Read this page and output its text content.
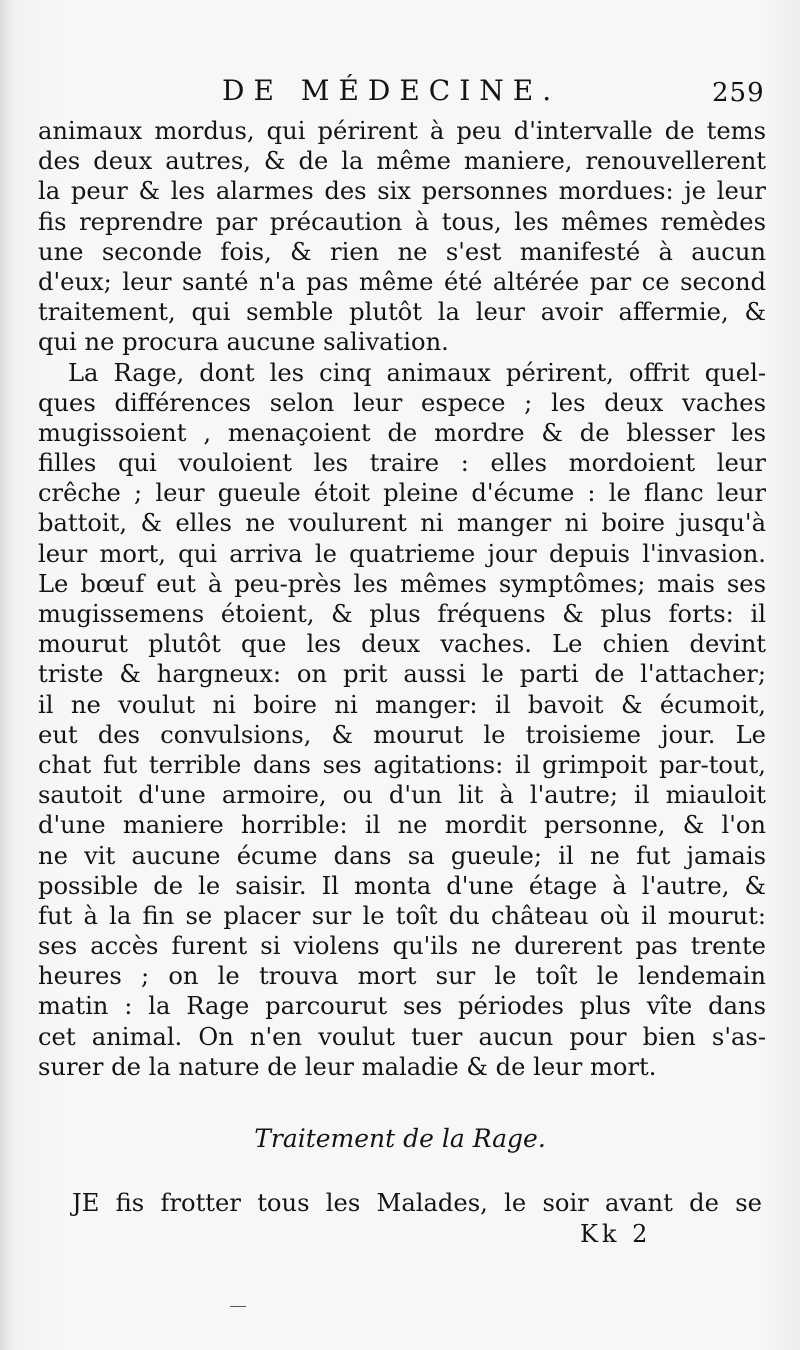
DE MÉDECINE.	259
animaux mordus, qui périrent à peu d'intervalle de tems
des deux autres, & de la même maniere, renouvellerent
la peur & les alarmes des six personnes mordues: je leur
fis reprendre par précaution à tous, les mêmes remèdes
une seconde fois, & rien ne s'est manifesté à aucun
d'eux; leur santé n'a pas même été altérée par ce second
traitement, qui semble plutôt la leur avoir affermie, &
qui ne procura aucune salivation.
La Rage, dont les cinq animaux périrent, offrit quel-
ques différences selon leur espece ; les deux vaches
mugissoient , menaçoient de mordre & de blesser les
filles qui vouloient les traire : elles mordoient leur
crêche ; leur gueule étoit pleine d'écume : le flanc leur
battoit, & elles ne voulurent ni manger ni boire jusqu'à
leur mort, qui arriva le quatrieme jour depuis l'invasion.
Le bœuf eut à peu-près les mêmes symptômes; mais ses
mugissemens étoient, & plus fréquens & plus forts: il
mourut plutôt que les deux vaches. Le chien devint
triste & hargneux: on prit aussi le parti de l'attacher;
il ne voulut ni boire ni manger: il bavoit & écumoit,
eut des convulsions, & mourut le troisieme jour. Le
chat fut terrible dans ses agitations: il grimpoit par-tout,
sautoit d'une armoire, ou d'un lit à l'autre; il miauloit
d'une maniere horrible: il ne mordit personne, & l'on
ne vit aucune écume dans sa gueule; il ne fut jamais
possible de le saisir. Il monta d'une étage à l'autre, &
fut à la fin se placer sur le toît du château où il mourut:
ses accès furent si violens qu'ils ne durerent pas trente
heures ; on le trouva mort sur le toît le lendemain
matin : la Rage parcourut ses périodes plus vîte dans
cet animal. On n'en voulut tuer aucun pour bien s'as-
surer de la nature de leur maladie & de leur mort.
Traitement de la Rage.
JE fis frotter tous les Malades, le soir avant de se
Kk 2
